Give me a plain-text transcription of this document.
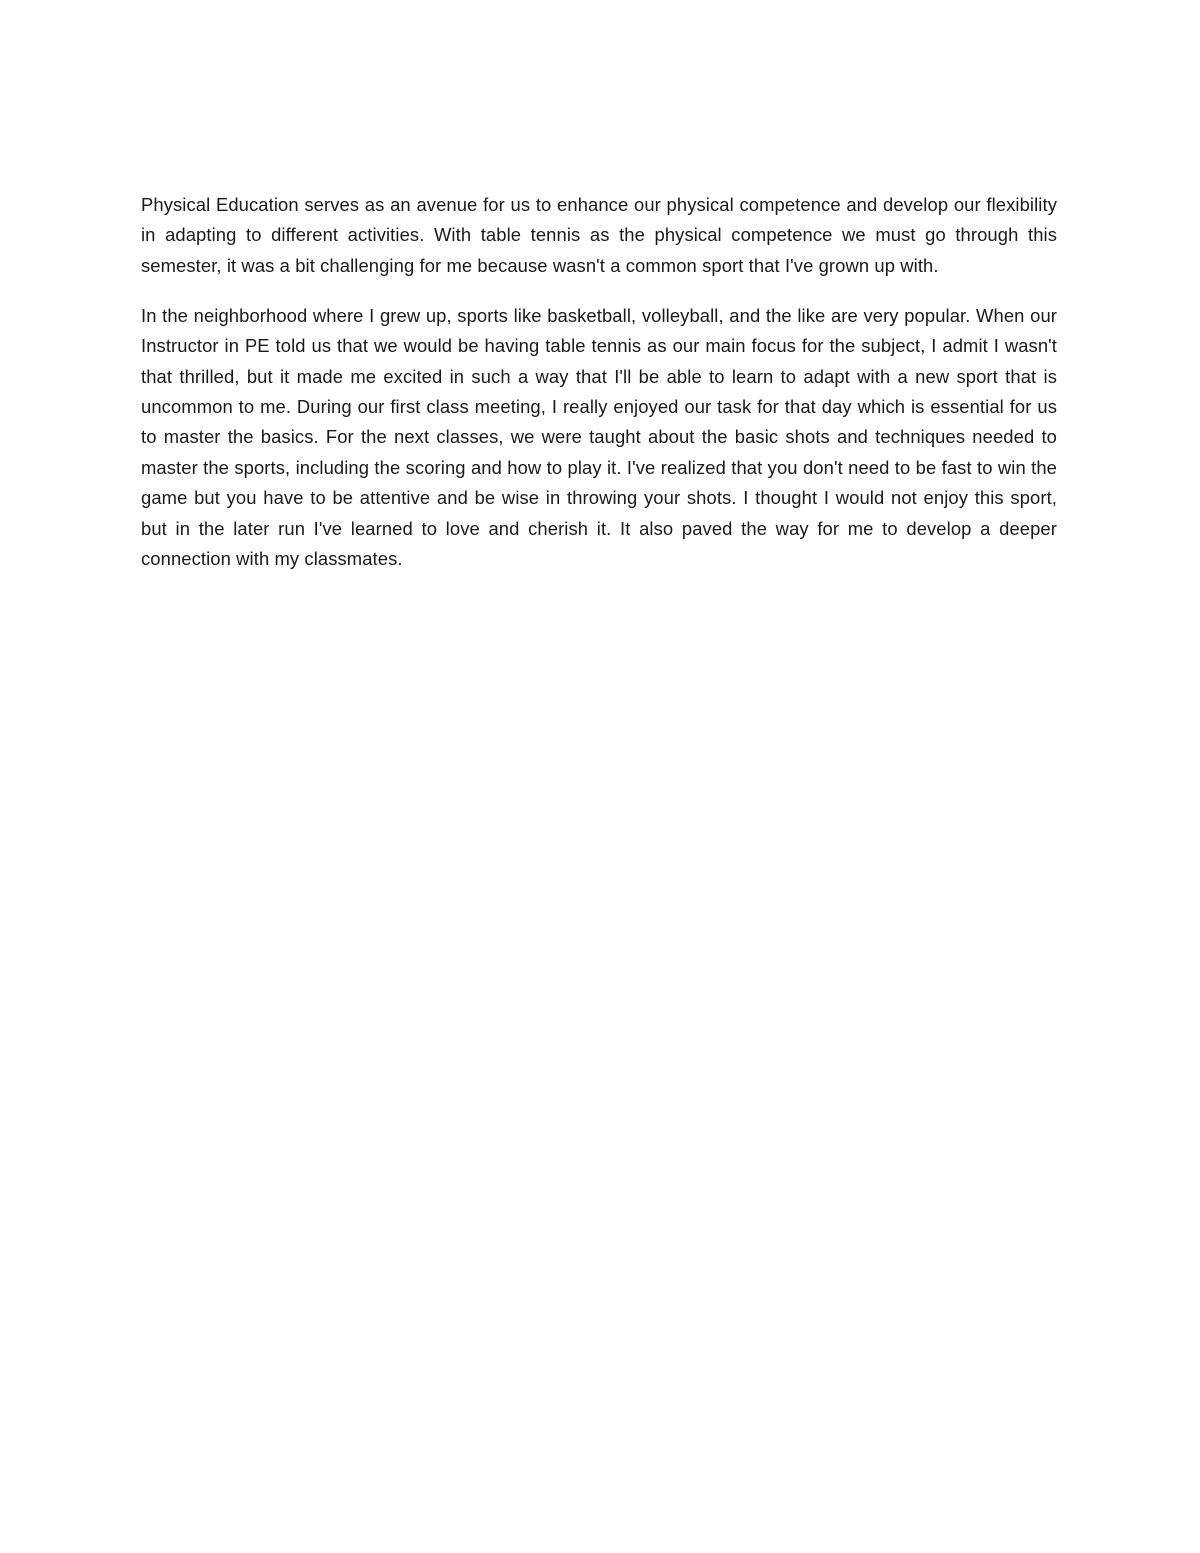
Physical Education serves as an avenue for us to enhance our physical competence and develop our flexibility in adapting to different activities. With table tennis as the physical competence we must go through this semester, it was a bit challenging for me because wasn't a common sport that I've grown up with.

In the neighborhood where I grew up, sports like basketball, volleyball, and the like are very popular. When our Instructor in PE told us that we would be having table tennis as our main focus for the subject, I admit I wasn't that thrilled, but it made me excited in such a way that I'll be able to learn to adapt with a new sport that is uncommon to me. During our first class meeting, I really enjoyed our task for that day which is essential for us to master the basics. For the next classes, we were taught about the basic shots and techniques needed to master the sports, including the scoring and how to play it. I've realized that you don't need to be fast to win the game but you have to be attentive and be wise in throwing your shots. I thought I would not enjoy this sport, but in the later run I've learned to love and cherish it. It also paved the way for me to develop a deeper connection with my classmates.
